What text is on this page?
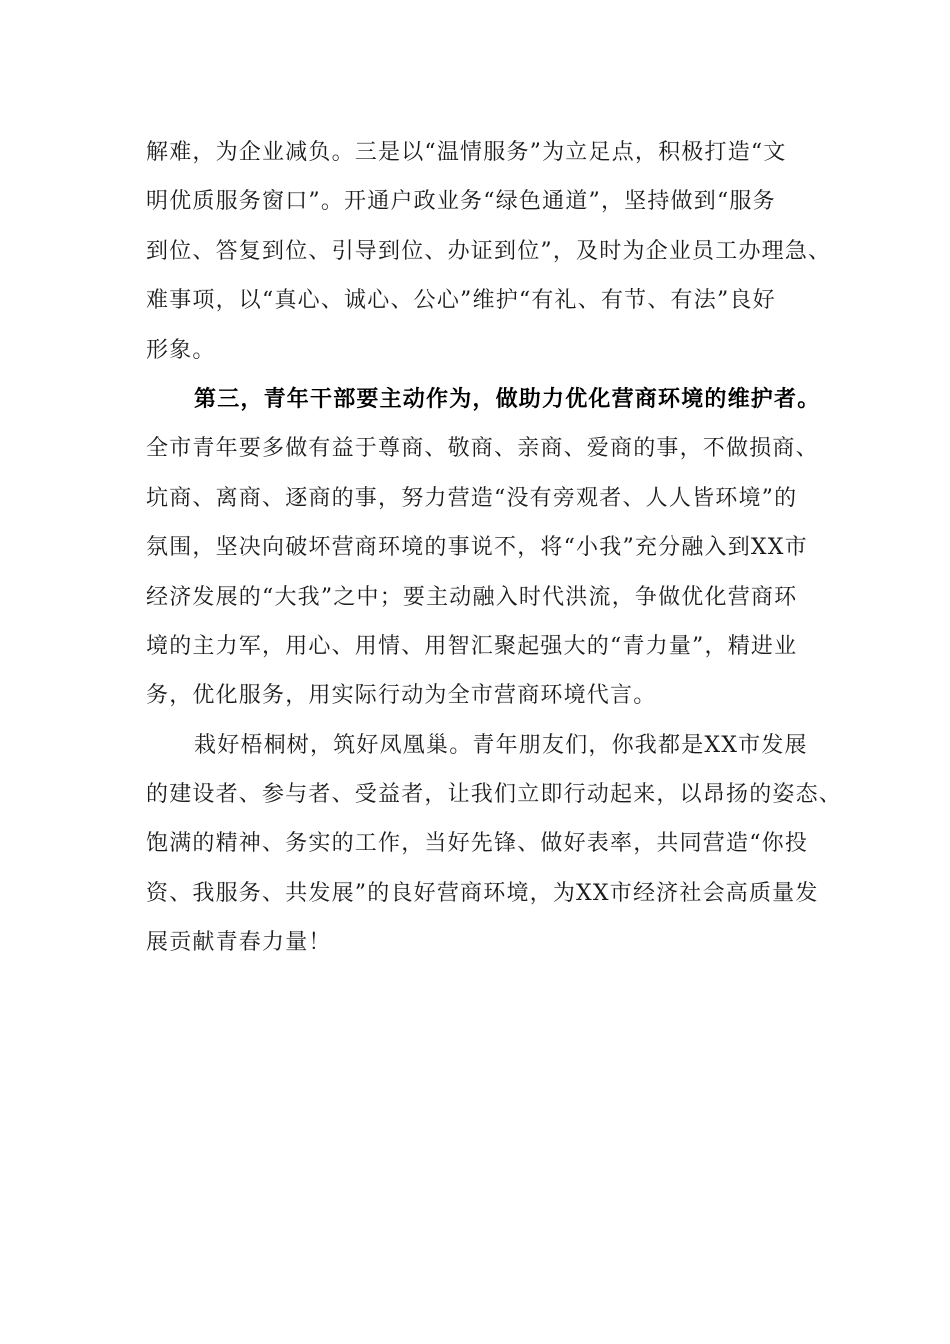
解难，为企业减负。三是以“温情服务”为立足点，积极打造“文
明优质服务窗口”。开通户政业务“绿色通道”，坚持做到“服务
到位、答复到位、引导到位、办证到位”，及时为企业员工办理急、
难事项，以“真心、诚心、公心”维护“有礼、有节、有法”良好
形象。
第三，青年干部要主动作为，做助力优化营商环境的维护者。
全市青年要多做有益于尊商、敬商、亲商、爱商的事，不做损商、
坑商、离商、逐商的事，努力营造“没有旁观者、人人皆环境”的
氛围，坚决向破坏营商环境的事说不，将“小我”充分融入到XX市
经济发展的“大我”之中；要主动融入时代洪流，争做优化营商环
境的主力军，用心、用情、用智汇聚起强大的“青力量”，精进业
务，优化服务，用实际行动为全市营商环境代言。
栽好梧桐树，筑好凤凰巢。青年朋友们，你我都是XX市发展
的建设者、参与者、受益者，让我们立即行动起来，以昂扬的姿态、
饱满的精神、务实的工作，当好先锋、做好表率，共同营造“你投
资、我服务、共发展”的良好营商环境，为XX市经济社会高质量发
展贡献青春力量！
